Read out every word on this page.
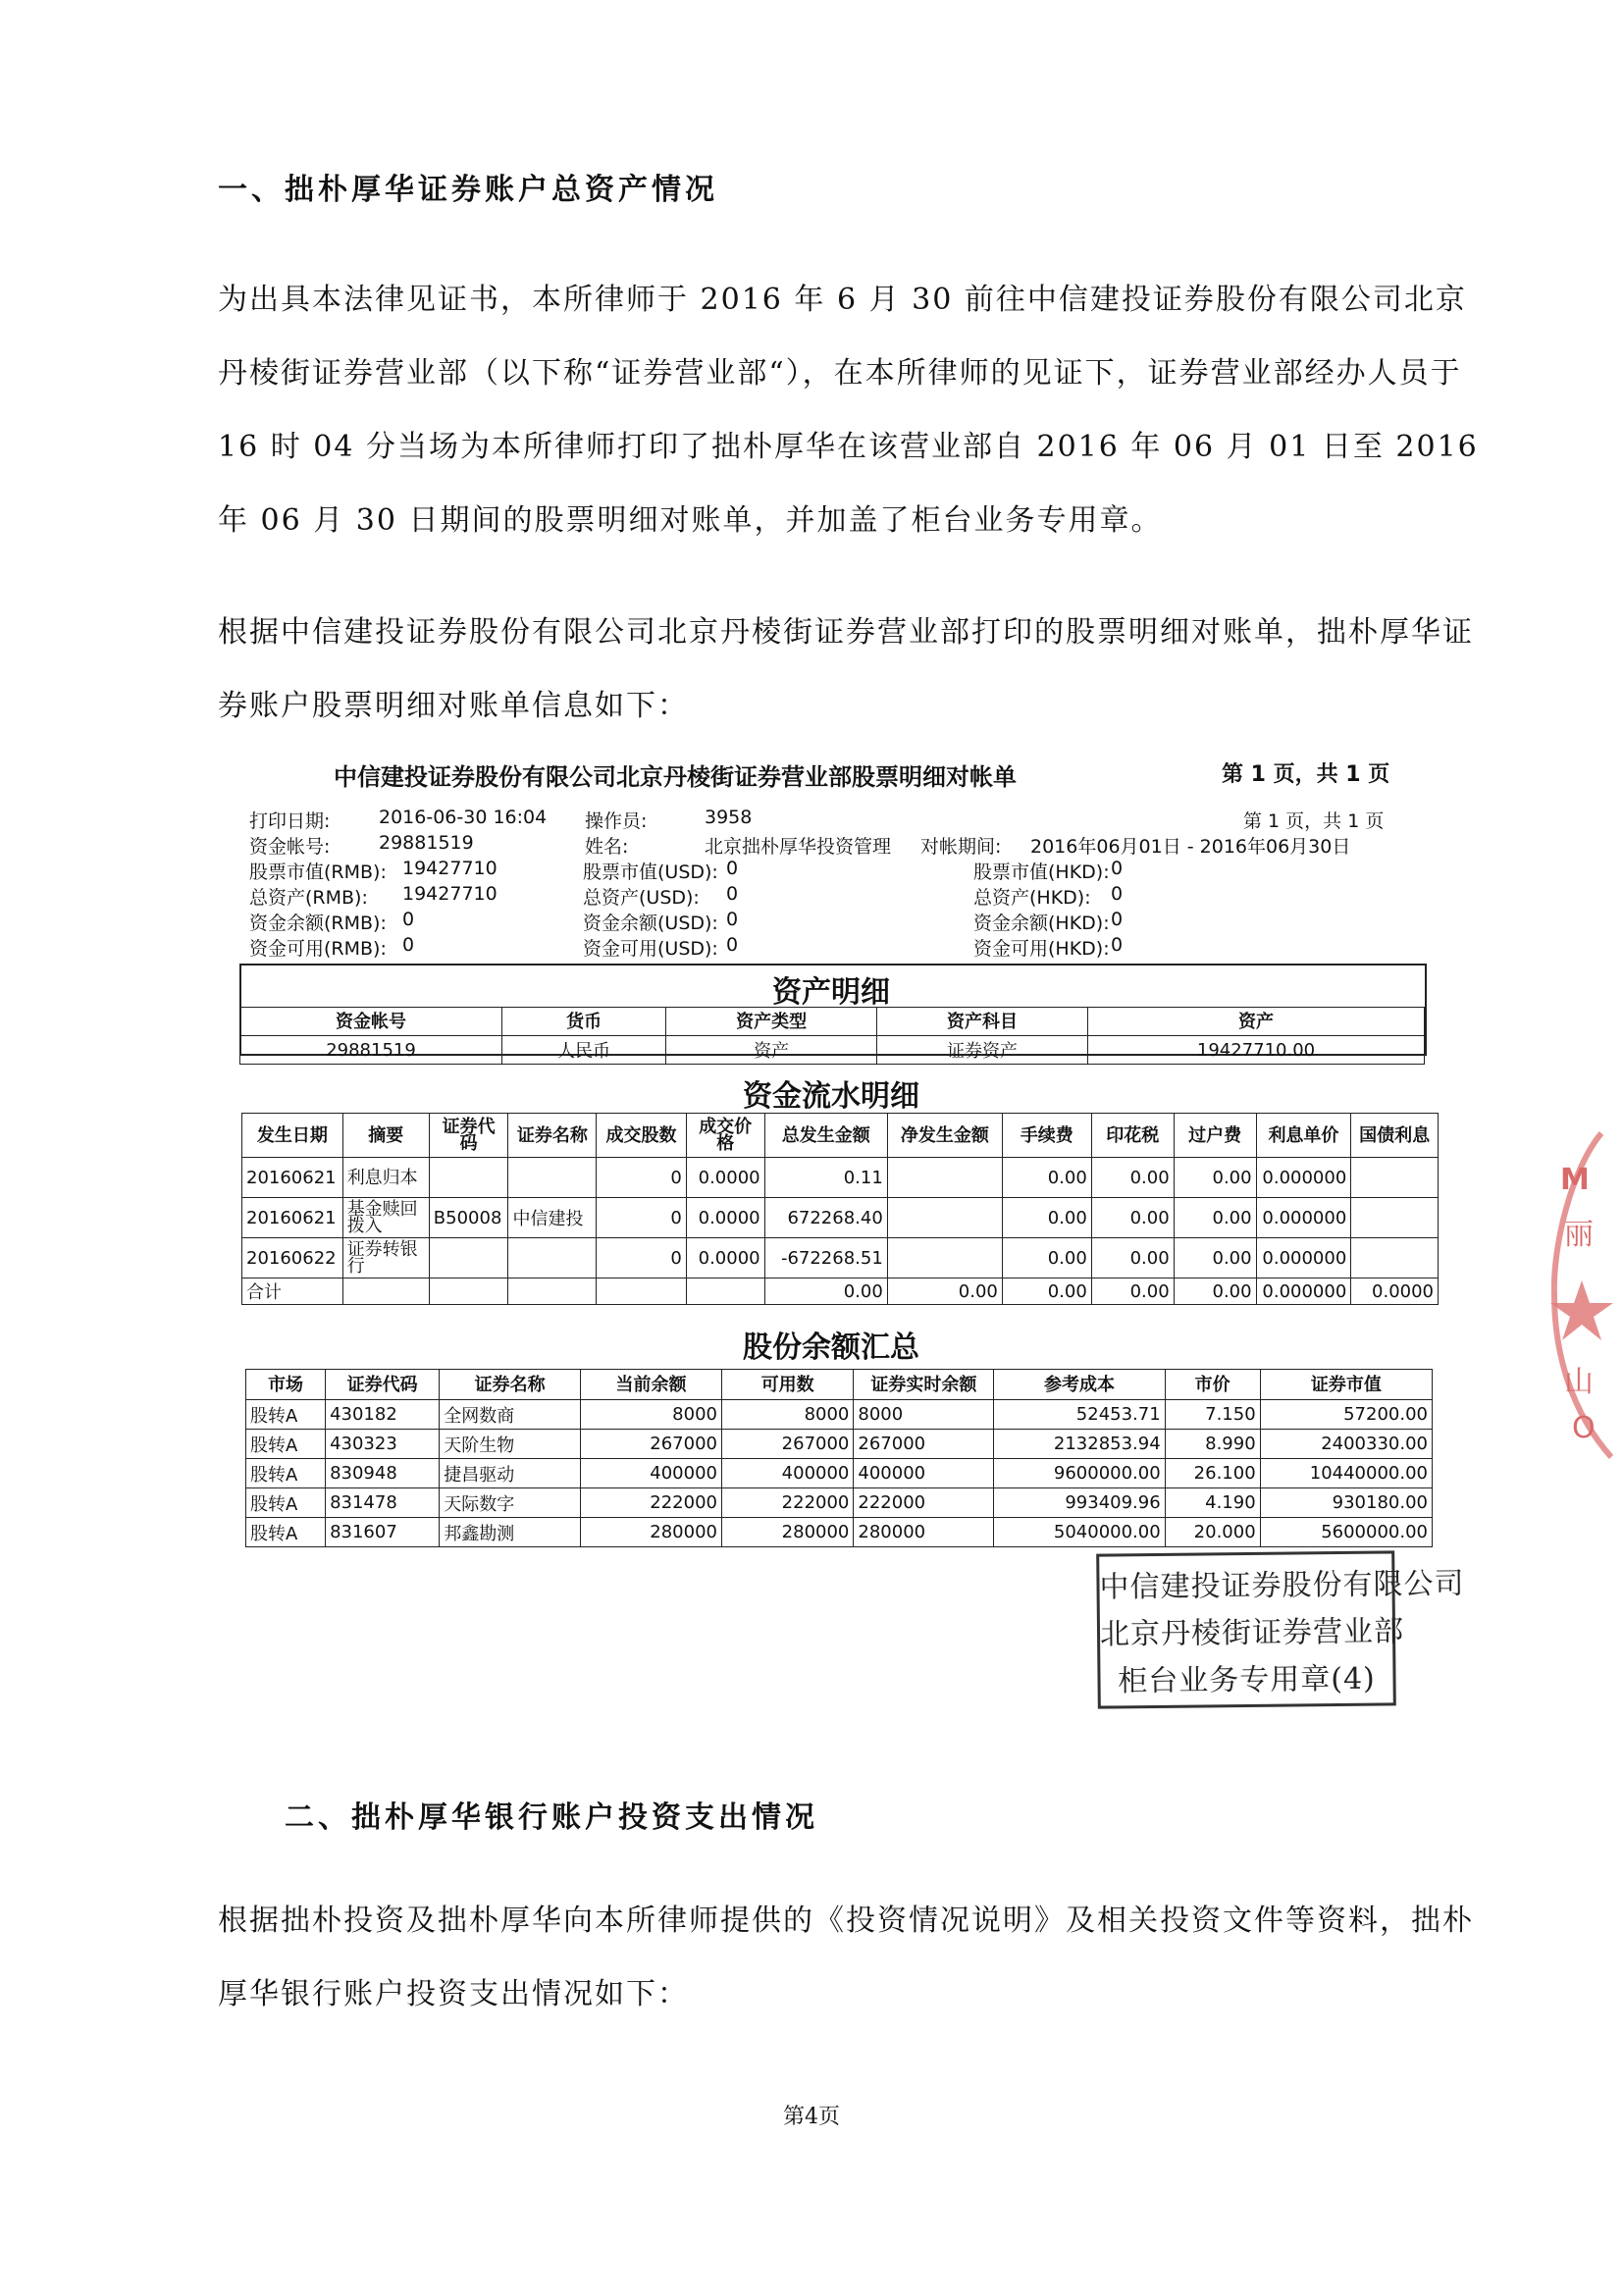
一、拙朴厚华证券账户总资产情况

为出具本法律见证书，本所律师于 2016 年 6 月 30 前往中信建投证券股份有限公司北京丹棱街证券营业部（以下称“证券营业部“），在本所律师的见证下，证券营业部经办人员于 16 时 04 分当场为本所律师打印了拙朴厚华在该营业部自 2016 年 06 月 01 日至 2016 年 06 月 30 日期间的股票明细对账单，并加盖了柜台业务专用章。

根据中信建投证券股份有限公司北京丹棱街证券营业部打印的股票明细对账单，拙朴厚华证券账户股票明细对账单信息如下：

中信建投证券股份有限公司北京丹棱街证券营业部股票明细对帐单	第 1 页，共 1 页
打印日期:	2016-06-30 16:04 操作员:	3958	第 1 页，共 1 页
资金帐号:	29881519	姓名:	北京拙朴厚华投资管理 对帐期间: 2016年06月01日 - 2016年06月30日
股票市值(RMB): 19427710	股票市值(USD): 0	股票市值(HKD): 0
总资产(RMB): 19427710	总资产(USD): 0	总资产(HKD): 0
资金余额(RMB): 0	资金余额(USD): 0	资金余额(HKD): 0
资金可用(RMB): 0	资金可用(USD): 0	资金可用(HKD): 0
资产明细
资金帐号	货币	资产类型	资产科目	资产
29881519	人民币	资产	证券资产	19427710.00
资金流水明细
发生日期	摘要	证券代码	证券名称	成交股数	成交价格	总发生金额	净发生金额	手续费	印花税	过户费	利息单价	国债利息
20160621	利息归本			0	0.0000	0.11		0.00	0.00	0.00	0.000000	
20160621	基金赎回拨入	B50008	中信建投	0	0.0000	672268.40		0.00	0.00	0.00	0.000000	
20160622	证券转银行			0	0.0000	-672268.51		0.00	0.00	0.00	0.000000	
合计						0.00	0.00	0.00	0.00	0.00	0.000000	0.0000
股份余额汇总
市场	证券代码	证券名称	当前余额	可用数	证券实时余额	参考成本	市价	证券市值
股转A	430182	全网数商	8000	8000	8000	52453.71	7.150	57200.00
股转A	430323	天阶生物	267000	267000	267000	2132853.94	8.990	2400330.00
股转A	830948	捷昌驱动	400000	400000	400000	9600000.00	26.100	10440000.00
股转A	831478	天际数字	222000	222000	222000	993409.96	4.190	930180.00
股转A	831607	邦鑫勘测	280000	280000	280000	5040000.00	20.000	5600000.00
中信建投证券股份有限公司
北京丹棱街证券营业部
柜台业务专用章(4)
M
丽
山
O
二、拙朴厚华银行账户投资支出情况

根据拙朴投资及拙朴厚华向本所律师提供的《投资情况说明》及相关投资文件等资料，拙朴厚华银行账户投资支出情况如下：

第4页
